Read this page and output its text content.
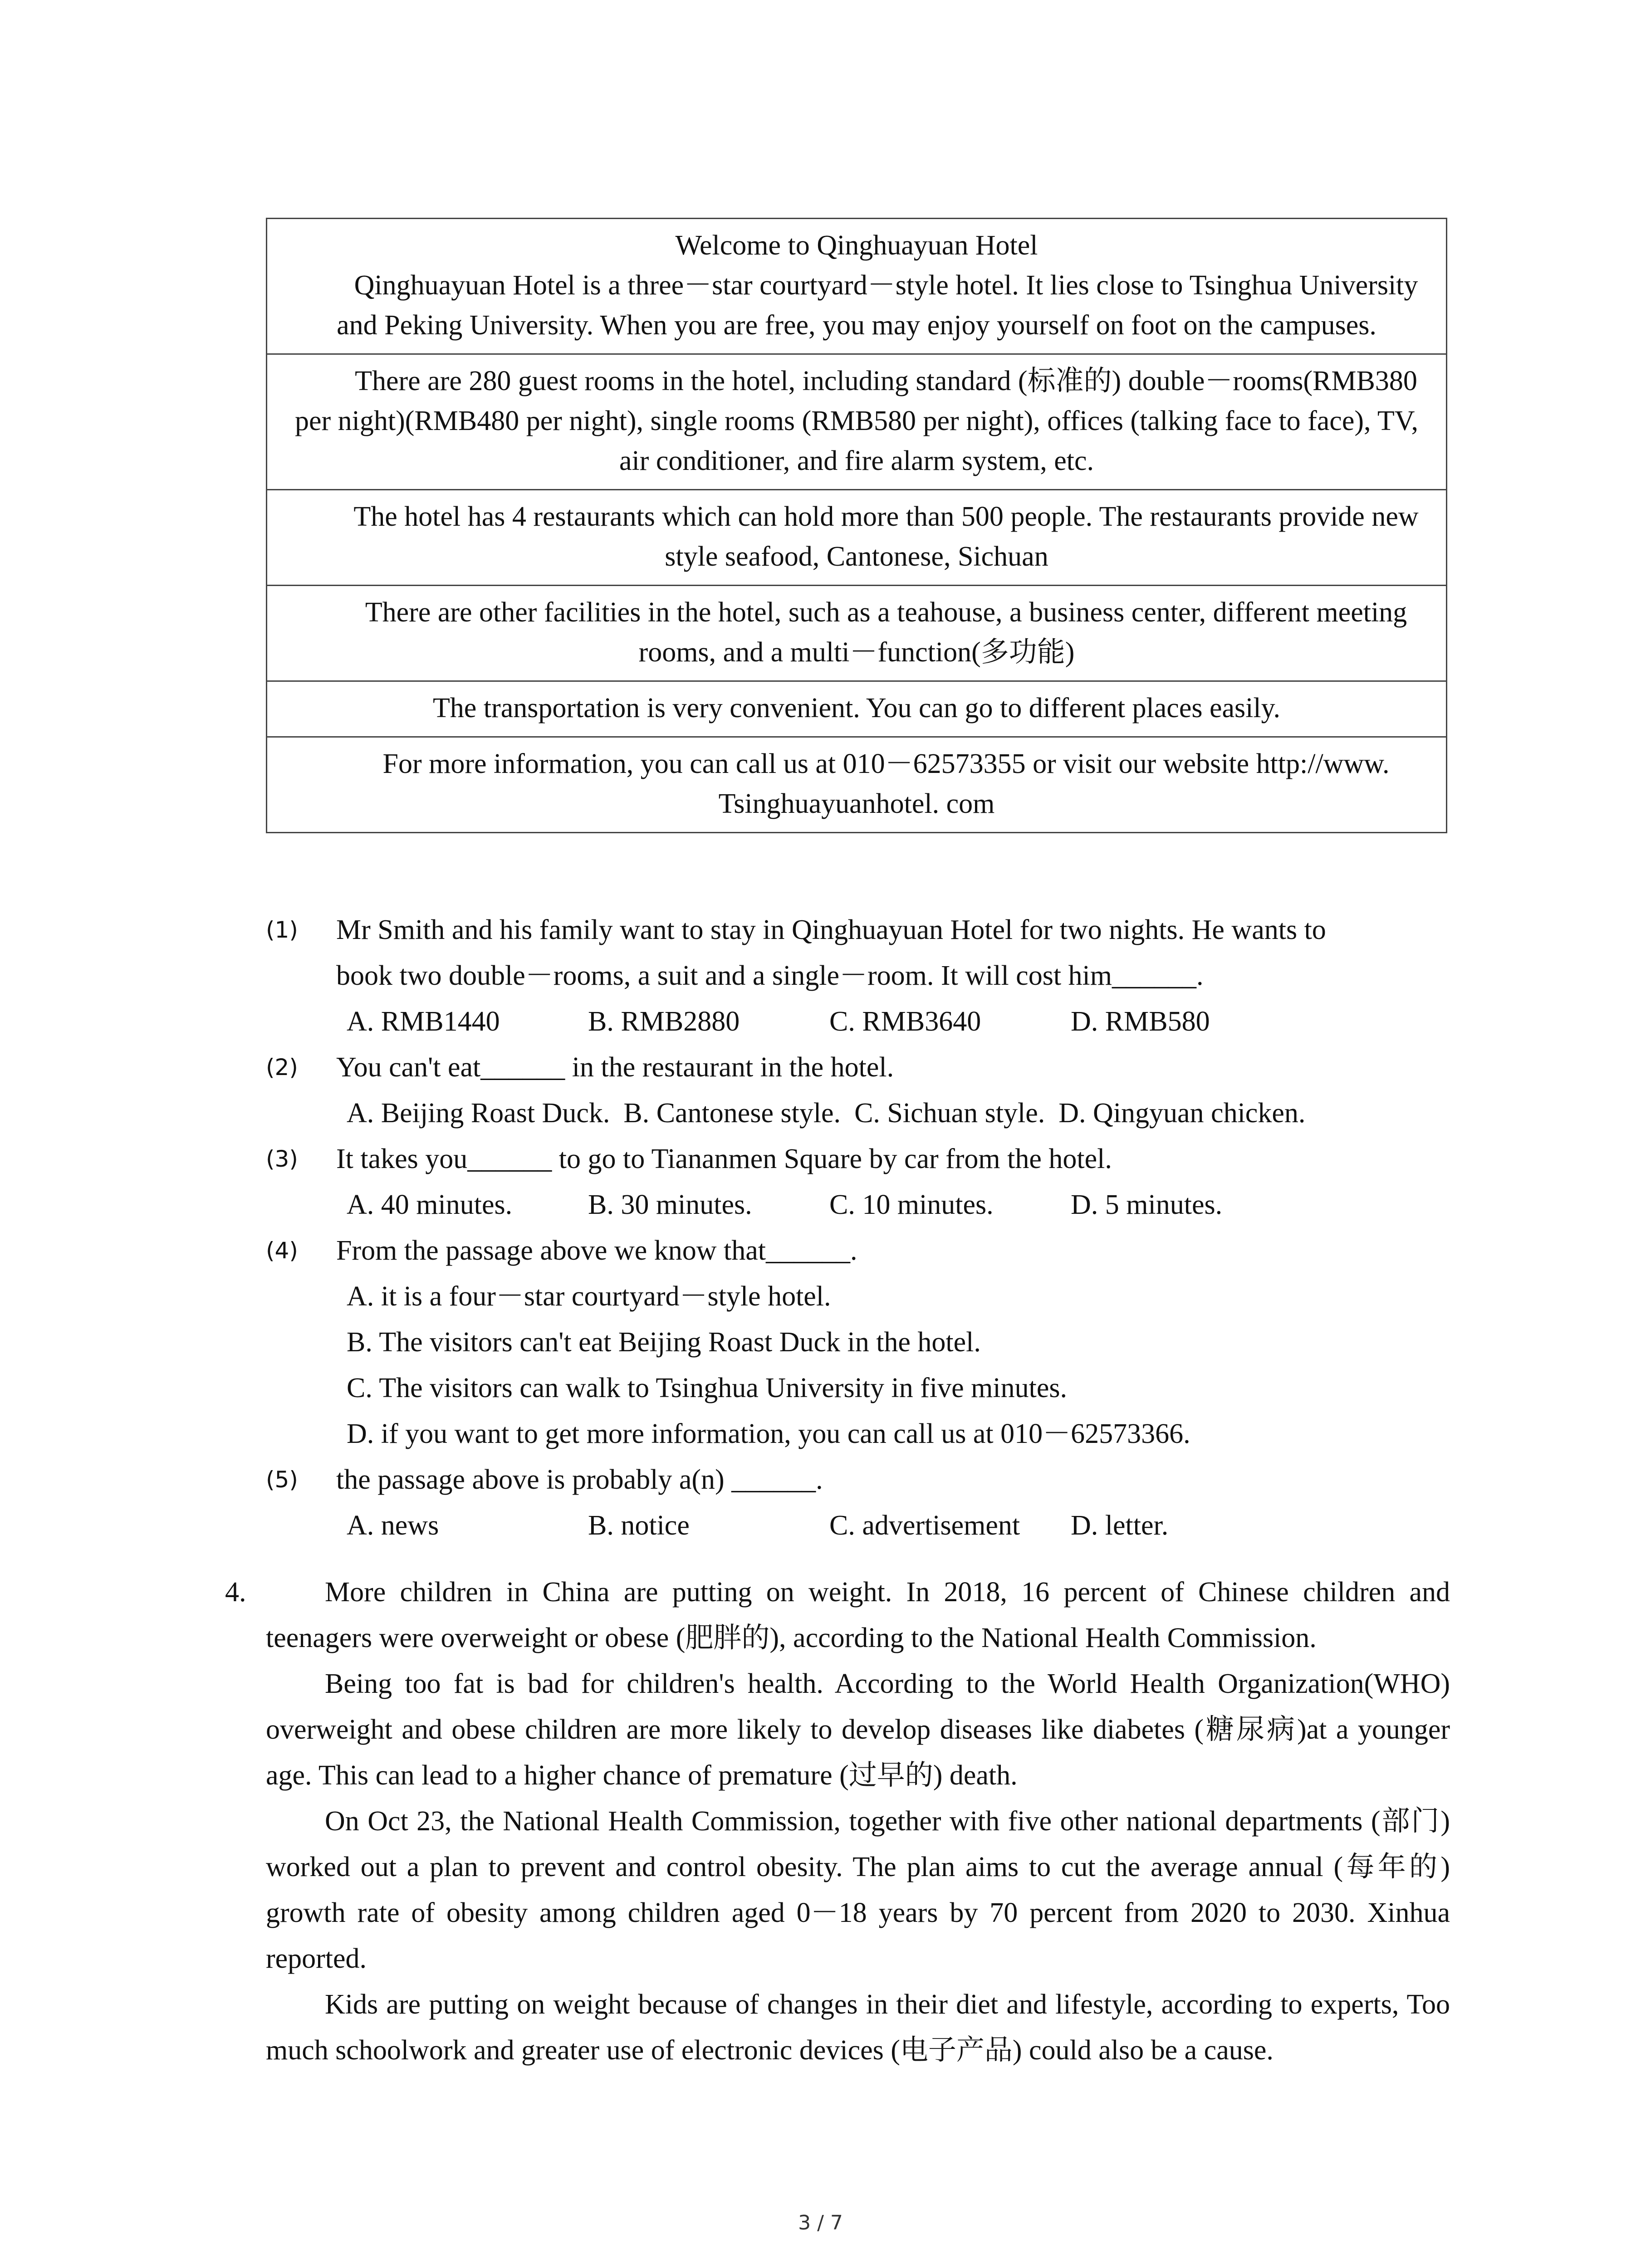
Welcome to Qinghuayuan Hotel
Qinghuayuan Hotel is a three－star courtyard－style hotel. It lies close to Tsinghua University and Peking University. When you are free, you may enjoy yourself on foot on the campuses.
There are 280 guest rooms in the hotel, including standard (标准的) double－rooms(RMB380 per night)(RMB480 per night), single rooms (RMB580 per night), offices (talking face to face), TV, air conditioner, and fire alarm system, etc.
The hotel has 4 restaurants which can hold more than 500 people. The restaurants provide new style seafood, Cantonese, Sichuan
There are other facilities in the hotel, such as a teahouse, a business center, different meeting rooms, and a multi－function(多功能)
The transportation is very convenient. You can go to different places easily.
For more information, you can call us at 010－62573355 or visit our website http://www. Tsinghuayuanhotel. com
(1) Mr Smith and his family want to stay in Qinghuayuan Hotel for two nights. He wants to
book two double－rooms, a suit and a single－room. It will cost him______.
A. RMB1440	B. RMB2880	C. RMB3640	D. RMB580
(2) You can't eat______ in the restaurant in the hotel.
A. Beijing Roast Duck. B. Cantonese style. C. Sichuan style. D. Qingyuan chicken.
(3) It takes you______ to go to Tiananmen Square by car from the hotel.
A. 40 minutes.	B. 30 minutes.	C. 10 minutes.	D. 5 minutes.
(4) From the passage above we know that______.
A. it is a four－star courtyard－style hotel.
B. The visitors can't eat Beijing Roast Duck in the hotel.
C. The visitors can walk to Tsinghua University in five minutes.
D. if you want to get more information, you can call us at 010－62573366.
(5) the passage above is probably a(n) ______.
A. news	B. notice	C. advertisement	D. letter.
4.	More children in China are putting on weight. In 2018, 16 percent of Chinese children and teenagers were overweight or obese (肥胖的), according to the National Health Commission.

Being too fat is bad for children's health. According to the World Health Organization(WHO) overweight and obese children are more likely to develop diseases like diabetes (糖尿病)at a younger age. This can lead to a higher chance of premature (过早的) death.

On Oct 23, the National Health Commission, together with five other national departments (部门) worked out a plan to prevent and control obesity. The plan aims to cut the average annual (每年的) growth rate of obesity among children aged 0－18 years by 70 percent from 2020 to 2030. Xinhua reported.

Kids are putting on weight because of changes in their diet and lifestyle, according to experts, Too much schoolwork and greater use of electronic devices (电子产品) could also be a cause.

3 / 7
